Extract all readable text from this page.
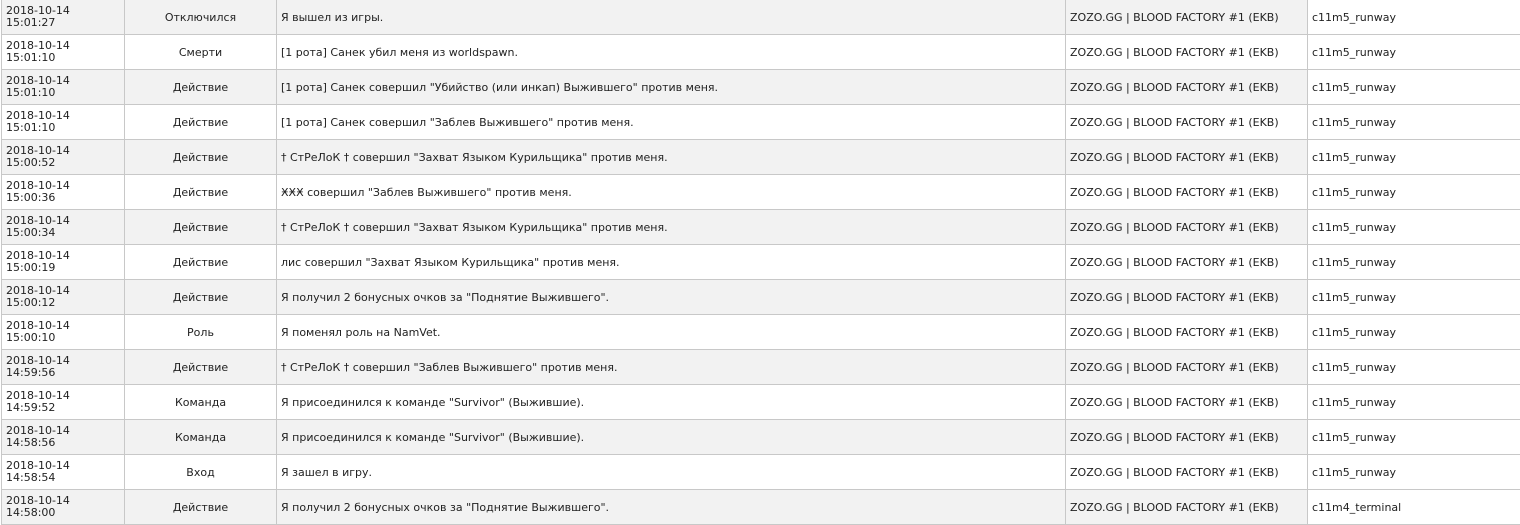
2018-10-14
15:01:27	Отключился	Я вышел из игры.	ZOZO.GG | BLOOD FACTORY #1 (EKB)	c11m5_runway

2018-10-14
15:01:10	Смерти	[1 рота] Санек убил меня из worldspawn.	ZOZO.GG | BLOOD FACTORY #1 (EKB)	c11m5_runway

2018-10-14
15:01:10	Действие	[1 рота] Санек совершил "Убийство (или инкап) Выжившего" против меня.	ZOZO.GG | BLOOD FACTORY #1 (EKB)	c11m5_runway

2018-10-14
15:01:10	Действие	[1 рота] Санек совершил "Заблев Выжившего" против меня.	ZOZO.GG | BLOOD FACTORY #1 (EKB)	c11m5_runway

2018-10-14
15:00:52	Действие	† СтРеЛоК † совершил "Захват Языком Курильщика" против меня.	ZOZO.GG | BLOOD FACTORY #1 (EKB)	c11m5_runway

2018-10-14
15:00:36	Действие	ӾӾӾ совершил "Заблев Выжившего" против меня.	ZOZO.GG | BLOOD FACTORY #1 (EKB)	c11m5_runway

2018-10-14
15:00:34	Действие	† СтРеЛоК † совершил "Захват Языком Курильщика" против меня.	ZOZO.GG | BLOOD FACTORY #1 (EKB)	c11m5_runway

2018-10-14
15:00:19	Действие	лис совершил "Захват Языком Курильщика" против меня.	ZOZO.GG | BLOOD FACTORY #1 (EKB)	c11m5_runway

2018-10-14
15:00:12	Действие	Я получил 2 бонусных очков за "Поднятие Выжившего".	ZOZO.GG | BLOOD FACTORY #1 (EKB)	c11m5_runway

2018-10-14
15:00:10	Роль	Я поменял роль на NamVet.	ZOZO.GG | BLOOD FACTORY #1 (EKB)	c11m5_runway

2018-10-14
14:59:56	Действие	† СтРеЛоК † совершил "Заблев Выжившего" против меня.	ZOZO.GG | BLOOD FACTORY #1 (EKB)	c11m5_runway

2018-10-14
14:59:52	Команда	Я присоединился к команде "Survivor" (Выжившие).	ZOZO.GG | BLOOD FACTORY #1 (EKB)	c11m5_runway

2018-10-14
14:58:56	Команда	Я присоединился к команде "Survivor" (Выжившие).	ZOZO.GG | BLOOD FACTORY #1 (EKB)	c11m5_runway

2018-10-14
14:58:54	Вход	Я зашел в игру.	ZOZO.GG | BLOOD FACTORY #1 (EKB)	c11m5_runway

2018-10-14
14:58:00	Действие	Я получил 2 бонусных очков за "Поднятие Выжившего".	ZOZO.GG | BLOOD FACTORY #1 (EKB)	c11m4_terminal
